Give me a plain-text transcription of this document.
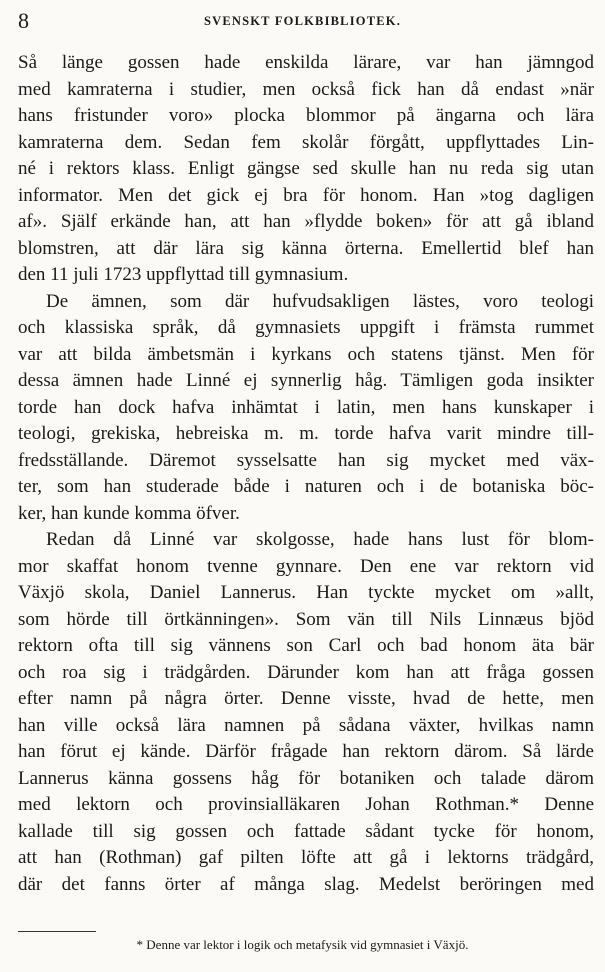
8	SVENSKT FOLKBIBLIOTEK.
Så länge gossen hade enskilda lärare, var han jämngod
med kamraterna i studier, men också fick han då endast »när
hans fristunder voro» plocka blommor på ängarna och lära
kamraterna dem. Sedan fem skolår förgått, uppflyttades Lin-
né i rektors klass. Enligt gängse sed skulle han nu reda sig utan
informator. Men det gick ej bra för honom. Han »tog dagligen
af». Själf erkände han, att han »flydde boken» för att gå ibland
blomstren, att där lära sig känna örterna. Emellertid blef han
den 11 juli 1723 uppflyttad till gymnasium.
De ämnen, som där hufvudsakligen lästes, voro teologi
och klassiska språk, då gymnasiets uppgift i främsta rummet
var att bilda ämbetsmän i kyrkans och statens tjänst. Men för
dessa ämnen hade Linné ej synnerlig håg. Tämligen goda insikter
torde han dock hafva inhämtat i latin, men hans kunskaper i
teologi, grekiska, hebreiska m. m. torde hafva varit mindre till-
fredsställande. Däremot sysselsatte han sig mycket med väx-
ter, som han studerade både i naturen och i de botaniska böc-
ker, han kunde komma öfver.
Redan då Linné var skolgosse, hade hans lust för blom-
mor skaffat honom tvenne gynnare. Den ene var rektorn vid
Växjö skola, Daniel Lannerus. Han tyckte mycket om »allt,
som hörde till örtkänningen». Som vän till Nils Linnæus bjöd
rektorn ofta till sig vännens son Carl och bad honom äta bär
och roa sig i trädgården. Därunder kom han att fråga gossen
efter namn på några örter. Denne visste, hvad de hette, men
han ville också lära namnen på sådana växter, hvilkas namn
han förut ej kände. Därför frågade han rektorn därom. Så lärde
Lannerus känna gossens håg för botaniken och talade därom
med lektorn och provinsialläkaren Johan Rothman.* Denne
kallade till sig gossen och fattade sådant tycke för honom,
att han (Rothman) gaf pilten löfte att gå i lektorns trädgård,
där det fanns örter af många slag. Medelst beröringen med
* Denne var lektor i logik och metafysik vid gymnasiet i Växjö.
